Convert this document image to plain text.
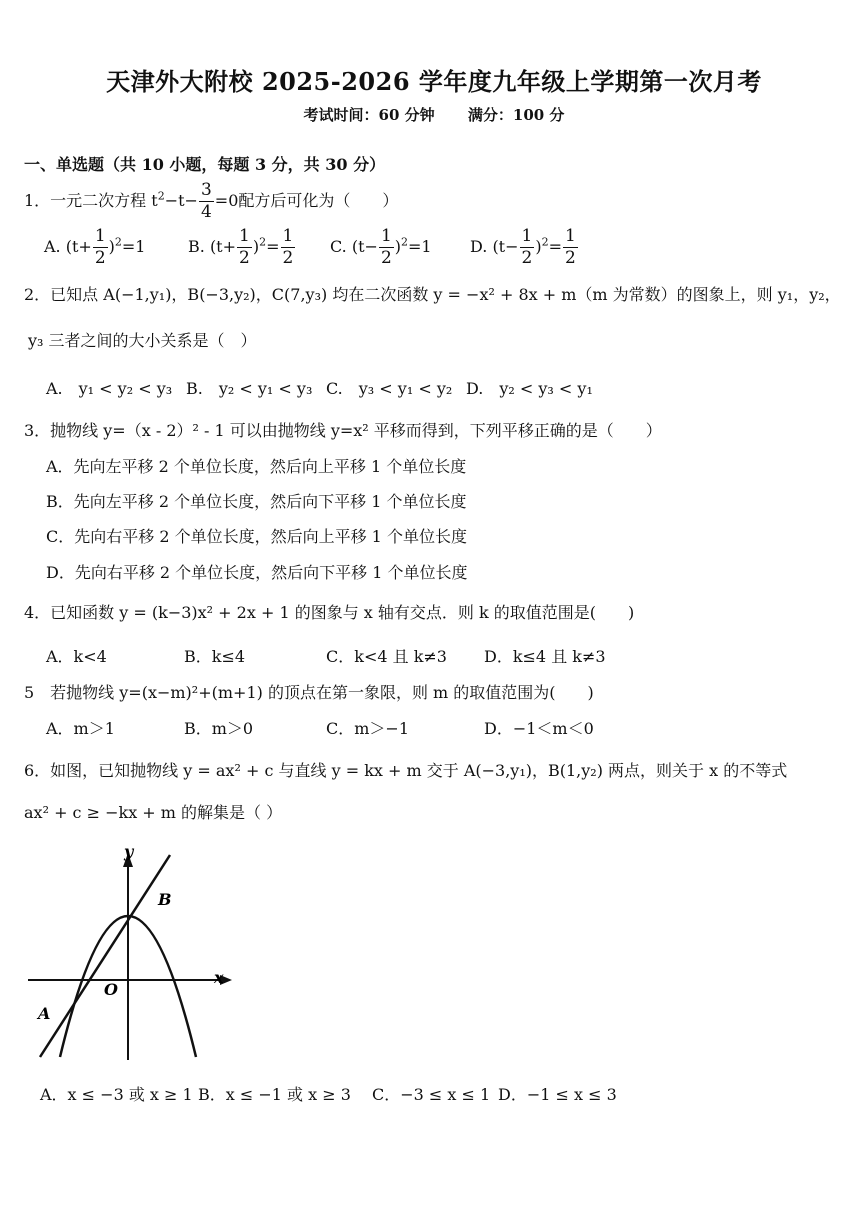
天津外大附校 2025-2026 学年度九年级上学期第一次月考
考试时间：60 分钟 满分：100 分
一、单选题（共 10 小题，每题 3 分，共 30 分）
1．一元二次方程 $t^2-t- \frac{3}{4} =0$配方后可化为（　　）
A. $(t+ \frac{1}{2} )^2=1$	B. $(t+ \frac{1}{2} )^2= \frac{1}{2} C$. $(t- \frac{1}{2} )^2=1$ D. $(t- \frac{1}{2} )^2= \frac{1}{2}$
2．已知点 A(−1,y₁)，B(−3,y₂)，C(7,y₃) 均在二次函数 y = −x² + 8x + m（m 为常数）的图象上，则 y₁，y₂，
y₃ 三者之间的大小关系是（　）
A.　y₁ < y₂ < y₃ B.　y₂ < y₁ < y₃ C.　y₃ < y₁ < y₂ D.　y₂ < y₃ < y₁
3．抛物线 y=（x - 2）² - 1 可以由抛物线 y=x² 平移而得到，下列平移正确的是（　　）
A．先向左平移 2 个单位长度，然后向上平移 1 个单位长度
B．先向左平移 2 个单位长度，然后向下平移 1 个单位长度
C．先向右平移 2 个单位长度，然后向上平移 1 个单位长度
D．先向右平移 2 个单位长度，然后向下平移 1 个单位长度
4．已知函数 y = (k−3)x² + 2x + 1 的图象与 x 轴有交点．则 k 的取值范围是(　　)
A．k<4	B．k≤4	C．k<4 且 k≠3 D．k≤4 且 k≠3
5　若抛物线 y=(x−m)²+(m+1) 的顶点在第一象限，则 m 的取值范围为(　　)
A．m＞1	B．m＞0	C．m＞−1	D．−1＜m＜0
6．如图，已知抛物线 y = ax² + c 与直线 y = kx + m 交于 A(−3,y₁)，B(1,y₂) 两点，则关于 x 的不等式
ax² + c ≥ −kx + m 的解集是（ ）
y
x
O
A
B
A．x ≤ −3 或 x ≥ 1 B．x ≤ −1 或 x ≥ 3 C．−3 ≤ x ≤ 1 D．−1 ≤ x ≤ 3
